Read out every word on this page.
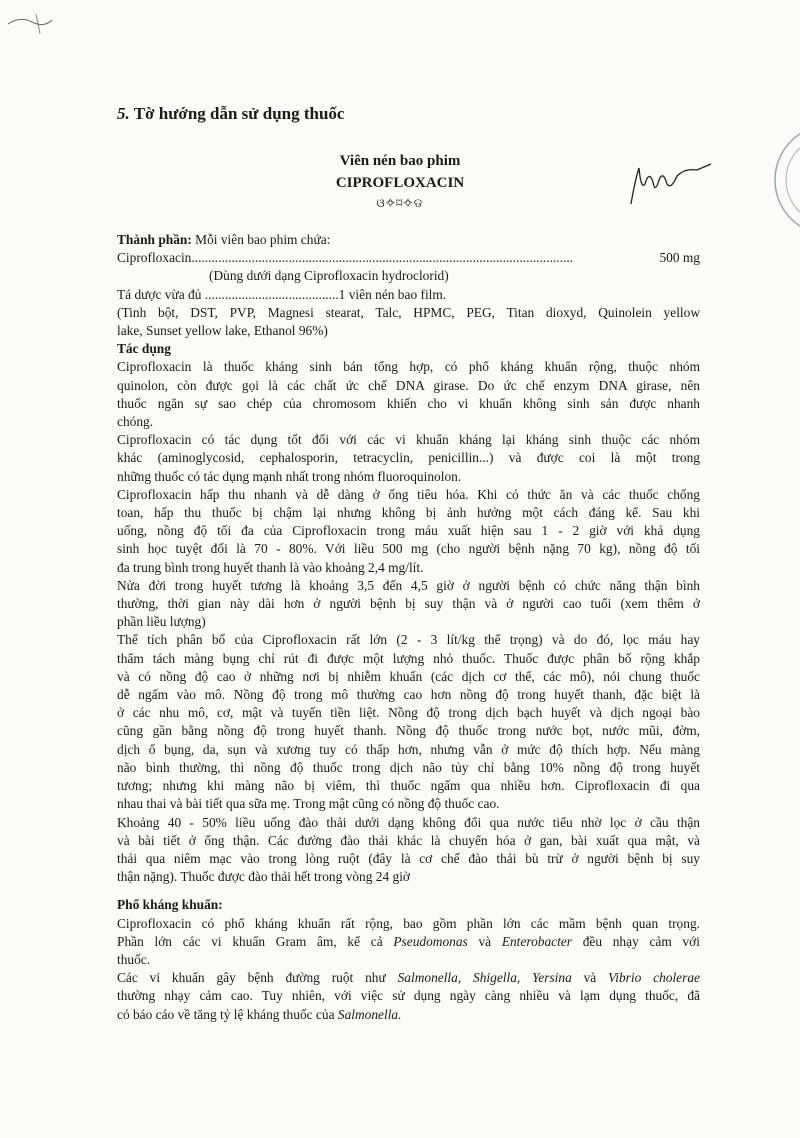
5. Tờ hướng dẫn sử dụng thuốc
Viên nén bao phim
CIPROFLOXACIN
ଓ✧⌑✧ଡ
Thành phần: Mỗi viên bao phim chứa:
Ciprofloxacin ..................................................................................................................	500 mg
(Dùng dưới dạng Ciprofloxacin hydroclorid)
Tá dược vừa đủ ........................................1 viên nén bao film.
(Tinh bột, DST, PVP, Magnesi stearat, Talc, HPMC, PEG, Titan dioxyd, Quinolein yellow
lake, Sunset yellow lake, Ethanol 96%)
Tác dụng
Ciprofloxacin là thuốc kháng sinh bán tổng hợp, có phổ kháng khuẩn rộng, thuộc nhóm
quinolon, còn được gọi là các chất ức chế DNA girase. Do ức chế enzym DNA girase, nên
thuốc ngăn sự sao chép của chromosom khiến cho vi khuẩn không sinh sản được nhanh
chóng.
Ciprofloxacin có tác dụng tốt đối với các vi khuẩn kháng lại kháng sinh thuộc các nhóm
khác (aminoglycosid, cephalosporin, tetracyclin, penicillin...) và được coi là một trong
những thuốc có tác dụng mạnh nhất trong nhóm fluoroquinolon.
Ciprofloxacin hấp thu nhanh và dễ dàng ở ống tiêu hóa. Khi có thức ăn và các thuốc chống
toan, hấp thu thuốc bị chậm lại nhưng không bị ảnh hưởng một cách đáng kể. Sau khi
uống, nồng độ tối đa của Ciprofloxacin trong máu xuất hiện sau 1 - 2 giờ với khả dụng
sinh học tuyệt đối là 70 - 80%. Với liều 500 mg (cho người bệnh nặng 70 kg), nồng độ tối
đa trung bình trong huyết thanh là vào khoảng 2,4 mg/lít.
Nửa đời trong huyết tương là khoảng 3,5 đến 4,5 giờ ở người bệnh có chức năng thận bình
thường, thời gian này dài hơn ở người bệnh bị suy thận và ở người cao tuổi (xem thêm ở
phần liều lượng)
Thể tích phân bố của Ciprofloxacin rất lớn (2 - 3 lít/kg thể trọng) và do đó, lọc máu hay
thẩm tách màng bụng chỉ rút đi được một lượng nhỏ thuốc. Thuốc được phân bố rộng khắp
và có nồng độ cao ở những nơi bị nhiễm khuẩn (các dịch cơ thể, các mô), nói chung thuốc
dễ ngấm vào mô. Nồng độ trong mô thường cao hơn nồng độ trong huyết thanh, đặc biệt là
ở các nhu mô, cơ, mật và tuyến tiền liệt. Nồng độ trong dịch bạch huyết và dịch ngoại bào
cũng gần bằng nồng độ trong huyết thanh. Nồng độ thuốc trong nước bọt, nước mũi, đờm,
dịch ổ bụng, da, sụn và xương tuy có thấp hơn, nhưng vẫn ở mức độ thích hợp. Nếu màng
não bình thường, thì nồng độ thuốc trong dịch não tủy chỉ bằng 10% nồng độ trong huyết
tương; nhưng khi màng não bị viêm, thì thuốc ngấm qua nhiều hơn. Ciprofloxacin đi qua
nhau thai và bài tiết qua sữa mẹ. Trong mật cũng có nồng độ thuốc cao.
Khoảng 40 - 50% liều uống đào thải dưới dạng không đổi qua nước tiểu nhờ lọc ở cầu thận
và bài tiết ở ống thận. Các đường đào thải khác là chuyển hóa ở gan, bài xuất qua mật, và
thải qua niêm mạc vào trong lòng ruột (đây là cơ chế đào thải bù trừ ở người bệnh bị suy
thận nặng). Thuốc được đào thải hết trong vòng 24 giờ
Phổ kháng khuẩn:
Ciprofloxacin có phổ kháng khuẩn rất rộng, bao gồm phần lớn các mầm bệnh quan trọng.
Phần lớn các vi khuẩn Gram âm, kể cả Pseudomonas và Enterobacter đều nhạy cảm với
thuốc.
Các vi khuẩn gây bệnh đường ruột như Salmonella, Shigella, Yersina và Vibrio cholerae
thường nhạy cảm cao. Tuy nhiên, với việc sử dụng ngày càng nhiều và lạm dụng thuốc, đã
có báo cáo về tăng tỷ lệ kháng thuốc của Salmonella.
